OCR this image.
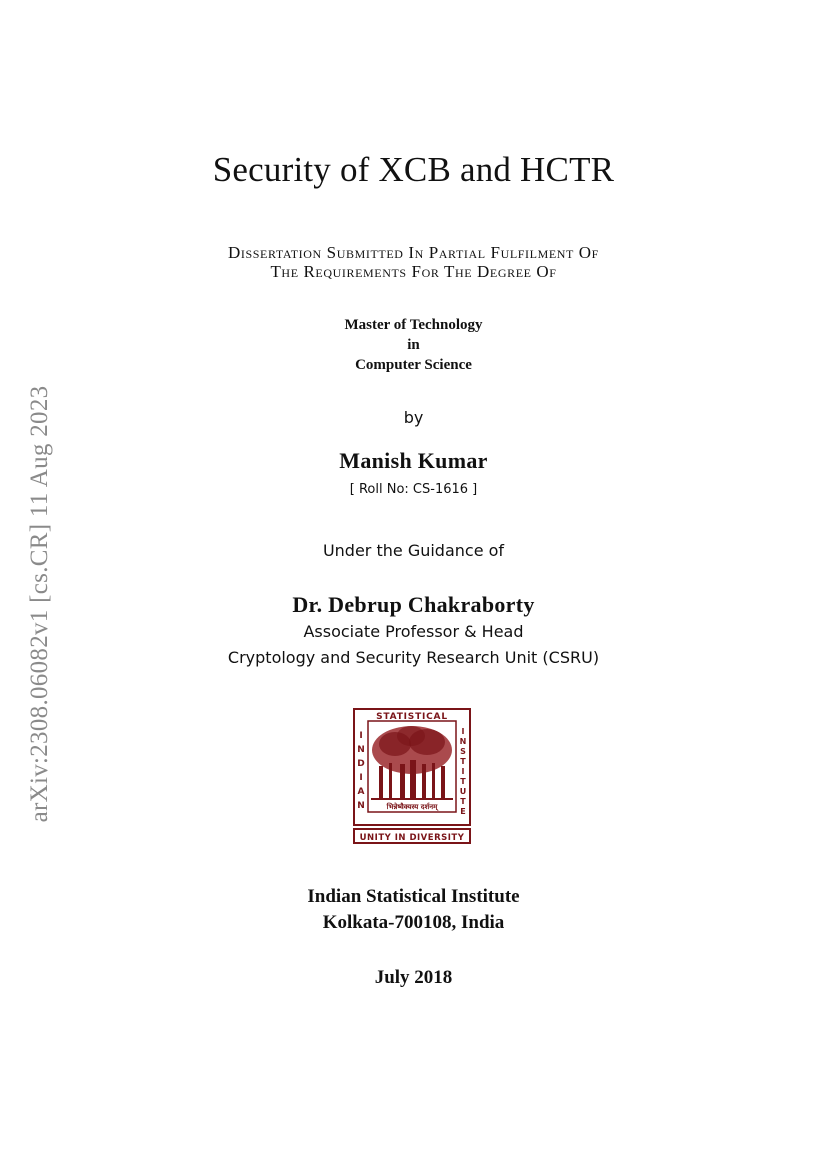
arXiv:2308.06082v1 [cs.CR] 11 Aug 2023
Security of XCB and HCTR
Dissertation Submitted In Partial Fulfilment Of
The Requirements For The Degree Of
Master of Technology
in
Computer Science
by
Manish Kumar
[ Roll No: CS-1616 ]
Under the Guidance of
Dr. Debrup Chakraborty
Associate Professor & Head
Cryptology and Security Research Unit (CSRU)
STATISTICAL
I
N
D
I
A
N
I
N
S
T
I
T
U
T
E
भिन्नेष्वैक्यस्य दर्शनम्
UNITY IN DIVERSITY
Indian Statistical Institute
Kolkata-700108, India
July 2018
